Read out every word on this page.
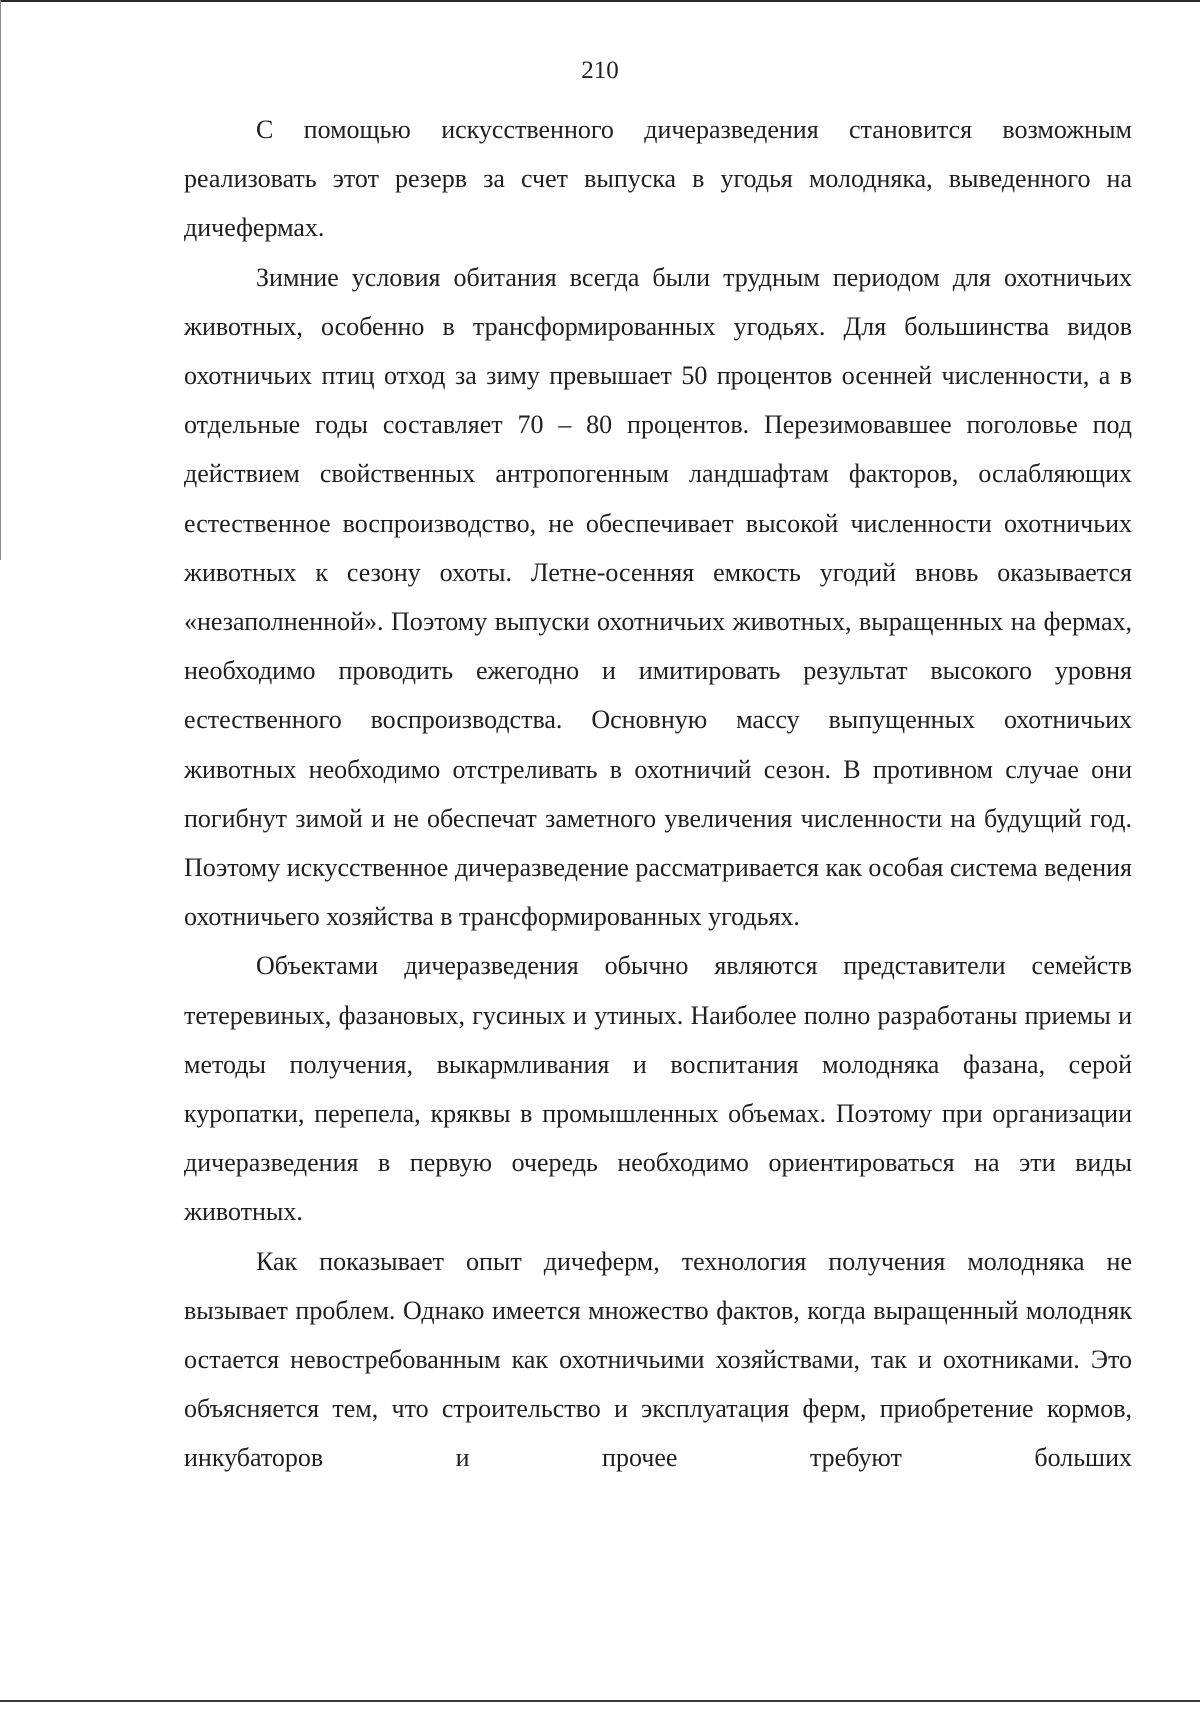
210

С помощью искусственного дичеразведения становится возможным реализовать этот резерв за счет выпуска в угодья молодняка, выведенного на дичефермах.

Зимние условия обитания всегда были трудным периодом для охотничьих животных, особенно в трансформированных угодьях. Для большинства видов охотничьих птиц отход за зиму превышает 50 процентов осенней численности, а в отдельные годы составляет 70 – 80 процентов. Перезимовавшее поголовье под действием свойственных антропогенным ландшафтам факторов, ослабляющих естественное воспроизводство, не обеспечивает высокой численности охотничьих животных к сезону охоты. Летне-осенняя емкость угодий вновь оказывается «незаполненной». Поэтому выпуски охотничьих животных, выращенных на фермах, необходимо проводить ежегодно и имитировать результат высокого уровня естественного воспроизводства. Основную массу выпущенных охотничьих животных необходимо отстреливать в охотничий сезон. В противном случае они погибнут зимой и не обеспечат заметного увеличения численности на будущий год. Поэтому искусственное дичеразведение рассматривается как особая система ведения охотничьего хозяйства в трансформированных угодьях.

Объектами дичеразведения обычно являются представители семейств тетеревиных, фазановых, гусиных и утиных. Наиболее полно разработаны приемы и методы получения, выкармливания и воспитания молодняка фазана, серой куропатки, перепела, кряквы в промышленных объемах. Поэтому при организации дичеразведения в первую очередь необходимо ориентироваться на эти виды животных.

Как показывает опыт дичеферм, технология получения молодняка не вызывает проблем. Однако имеется множество фактов, когда выращенный молодняк остается невостребованным как охотничьими хозяйствами, так и охотниками. Это объясняется тем, что строительство и эксплуатация ферм, приобретение кормов, инкубаторов и прочее требуют больших
